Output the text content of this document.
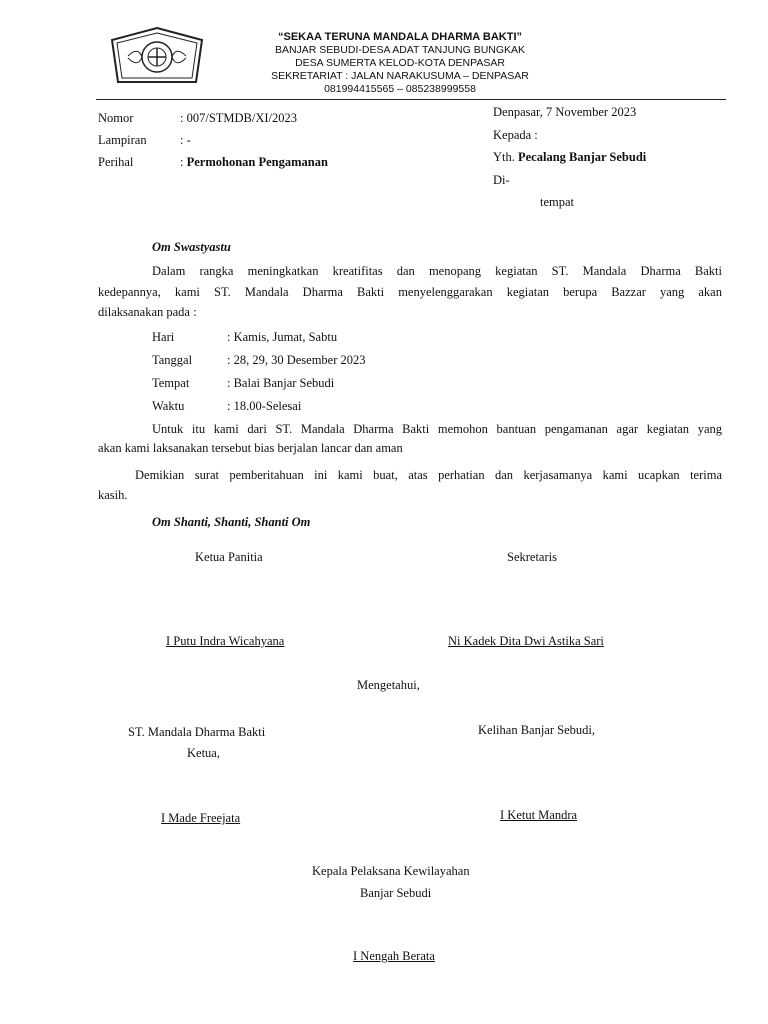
“SEKAA TERUNA MANDALA DHARMA BAKTI”
BANJAR SEBUDI-DESA ADAT TANJUNG BUNGKAK
DESA SUMERTA KELOD-KOTA DENPASAR
SEKRETARIAT : JALAN NARAKUSUMA – DENPASAR
081994415565 – 085238999558
Nomor	: 007/STMDB/XI/2023
Lampiran	: -
Perihal	: Permohonan Pengamanan
Denpasar, 7 November 2023
Kepada :
Yth. Pecalang Banjar Sebudi
Di-
tempat
Om Swastyastu
Dalam rangka meningkatkan kreatifitas dan menopang kegiatan ST. Mandala Dharma Bakti
kedepannya, kami ST. Mandala Dharma Bakti menyelenggarakan kegiatan berupa Bazzar yang akan
dilaksanakan pada :
Hari	: Kamis, Jumat, Sabtu
Tanggal	: 28, 29, 30 Desember 2023
Tempat	: Balai Banjar Sebudi
Waktu	: 18.00-Selesai
Untuk itu kami dari ST. Mandala Dharma Bakti memohon bantuan pengamanan agar kegiatan yang
akan kami laksanakan tersebut bias berjalan lancar dan aman
Demikian surat pemberitahuan ini kami buat, atas perhatian dan kerjasamanya kami ucapkan terima
kasih.
Om Shanti, Shanti, Shanti Om
Ketua Panitia	Sekretaris
I Putu Indra Wicahyana	Ni Kadek Dita Dwi Astika Sari
Mengetahui,
ST. Mandala Dharma Bakti
Ketua,
Kelihan Banjar Sebudi,
I Made Freejata	I Ketut Mandra
Kepala Pelaksana Kewilayahan
Banjar Sebudi
I Nengah Berata
